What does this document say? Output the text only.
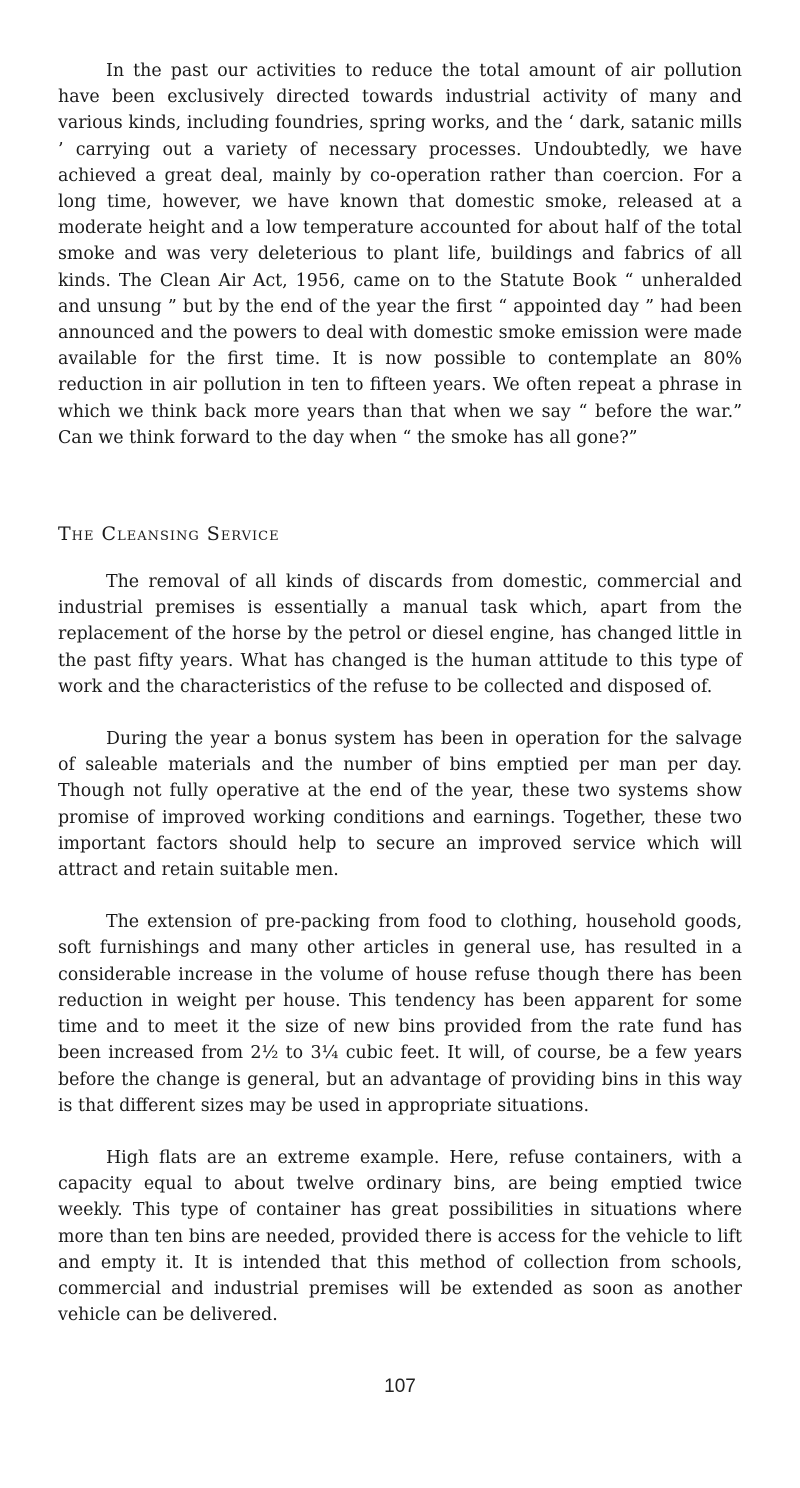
In the past our activities to reduce the total amount of air pollution have been exclusively directed towards industrial activity of many and various kinds, including foundries, spring works, and the ‘ dark, satanic mills ’ carrying out a variety of necessary processes. Undoubtedly, we have achieved a great deal, mainly by co-operation rather than coercion. For a long time, however, we have known that domestic smoke, released at a moderate height and a low temperature accounted for about half of the total smoke and was very deleterious to plant life, buildings and fabrics of all kinds. The Clean Air Act, 1956, came on to the Statute Book “ unheralded and unsung ” but by the end of the year the first “ appointed day ” had been announced and the powers to deal with domestic smoke emission were made available for the first time. It is now possible to contemplate an 80% reduction in air pollution in ten to fifteen years. We often repeat a phrase in which we think back more years than that when we say “ before the war.” Can we think forward to the day when “ the smoke has all gone?”

The Cleansing Service

The removal of all kinds of discards from domestic, commercial and industrial premises is essentially a manual task which, apart from the replacement of the horse by the petrol or diesel engine, has changed little in the past fifty years. What has changed is the human attitude to this type of work and the characteristics of the refuse to be collected and disposed of.

During the year a bonus system has been in operation for the salvage of saleable materials and the number of bins emptied per man per day. Though not fully operative at the end of the year, these two systems show promise of improved working conditions and earnings. Together, these two important factors should help to secure an improved service which will attract and retain suitable men.

The extension of pre-packing from food to clothing, household goods, soft furnishings and many other articles in general use, has resulted in a considerable increase in the volume of house refuse though there has been reduction in weight per house. This tendency has been apparent for some time and to meet it the size of new bins provided from the rate fund has been increased from 2½ to 3¼ cubic feet. It will, of course, be a few years before the change is general, but an advantage of providing bins in this way is that different sizes may be used in appropriate situations.

High flats are an extreme example. Here, refuse containers, with a capacity equal to about twelve ordinary bins, are being emptied twice weekly. This type of container has great possibilities in situations where more than ten bins are needed, provided there is access for the vehicle to lift and empty it. It is intended that this method of collection from schools, commercial and industrial premises will be extended as soon as another vehicle can be delivered.

107
